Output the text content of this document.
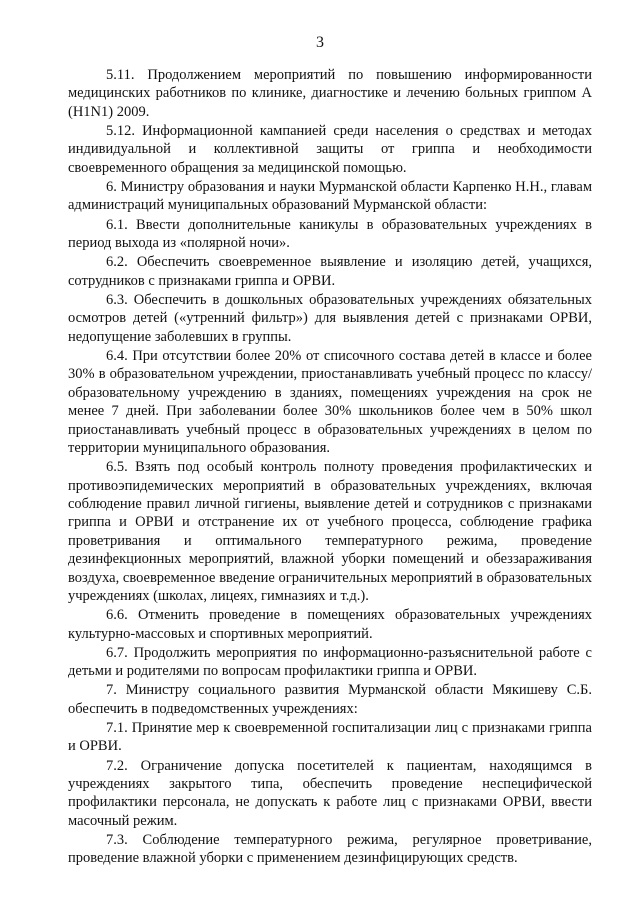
3

5.11. Продолжением мероприятий по повышению информированности медицинских работников по клинике, диагностике и лечению больных гриппом А (H1N1) 2009.

5.12. Информационной кампанией среди населения о средствах и методах индивидуальной и коллективной защиты от гриппа и необходимости своевременного обращения за медицинской помощью.

6. Министру образования и науки Мурманской области Карпенко Н.Н., главам администраций муниципальных образований Мурманской области:

6.1. Ввести дополнительные каникулы в образовательных учреждениях в период выхода из «полярной ночи».

6.2. Обеспечить своевременное выявление и изоляцию детей, учащихся, сотрудников с признаками гриппа и ОРВИ.

6.3. Обеспечить в дошкольных образовательных учреждениях обязательных осмотров детей («утренний фильтр») для выявления детей с признаками ОРВИ, недопущение заболевших в группы.

6.4. При отсутствии более 20% от списочного состава детей в классе и более 30% в образовательном учреждении, приостанавливать учебный процесс по классу/образовательному учреждению в зданиях, помещениях учреждения на срок не менее 7 дней. При заболевании более 30% школьников более чем в 50% школ приостанавливать учебный процесс в образовательных учреждениях в целом по территории муниципального образования.

6.5. Взять под особый контроль полноту проведения профилактических и противоэпидемических мероприятий в образовательных учреждениях, включая соблюдение правил личной гигиены, выявление детей и сотрудников с признаками гриппа и ОРВИ и отстранение их от учебного процесса, соблюдение графика проветривания и оптимального температурного режима, проведение дезинфекционных мероприятий, влажной уборки помещений и обеззараживания воздуха, своевременное введение ограничительных мероприятий в образовательных учреждениях (школах, лицеях, гимназиях и т.д.).

6.6. Отменить проведение в помещениях образовательных учреждениях культурно-массовых и спортивных мероприятий.

6.7. Продолжить мероприятия по информационно-разъяснительной работе с детьми и родителями по вопросам профилактики гриппа и ОРВИ.

7. Министру социального развития Мурманской области Мякишеву С.Б. обеспечить в подведомственных учреждениях:

7.1. Принятие мер к своевременной госпитализации лиц с признаками гриппа и ОРВИ.

7.2. Ограничение допуска посетителей к пациентам, находящимся в учреждениях закрытого типа, обеспечить проведение неспецифической профилактики персонала, не допускать к работе лиц с признаками ОРВИ, ввести масочный режим.

7.3. Соблюдение температурного режима, регулярное проветривание, проведение влажной уборки с применением дезинфицирующих средств.
